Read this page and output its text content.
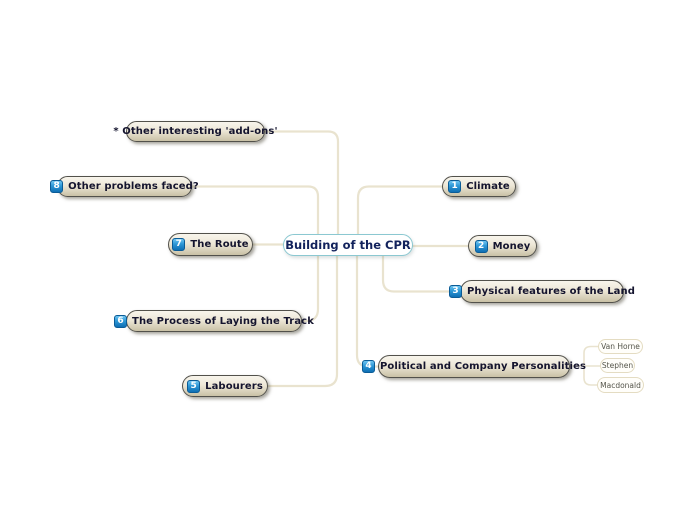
Building of the CPR
1 Climate
2 Money
3 Physical features of the Land
4 Political and Company Personalities
Van Horne
Stephen
Macdonald
5 Labourers
6 The Process of Laying the Track
7 The Route
8 Other problems faced?
* Other interesting 'add-ons'
